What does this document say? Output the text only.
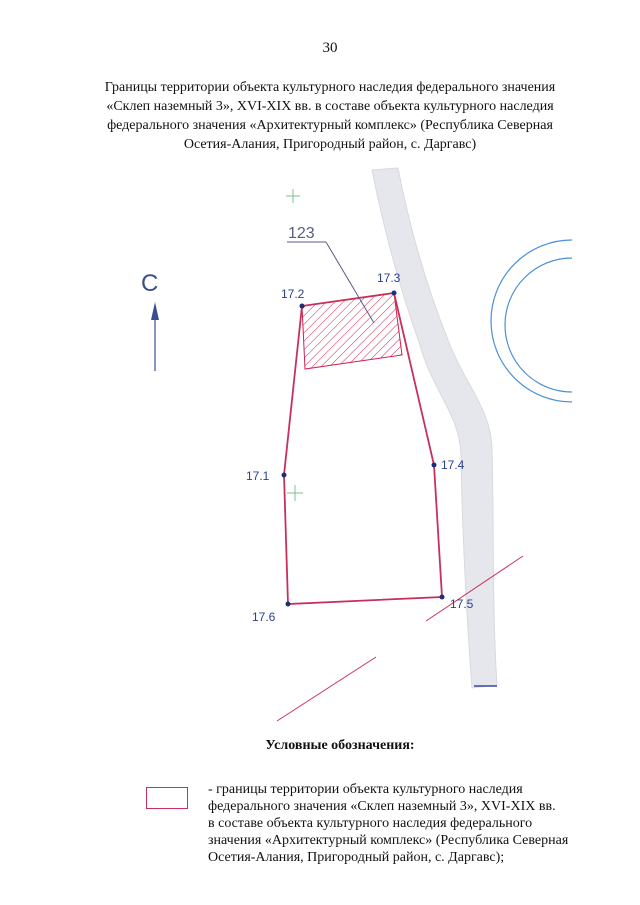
30
Границы территории объекта культурного наследия федерального значения
«Склеп наземный 3», XVI-XIX вв. в составе объекта культурного наследия
федерального значения «Архитектурный комплекс» (Республика Северная
Осетия-Алания, Пригородный район, с. Даргавс)
С
123
17.1
17.2
17.3
17.4
17.5
17.6
Условные обозначения:
- границы территории объекта культурного наследия
федерального значения «Склеп наземный 3», XVI-XIX вв.
в составе объекта культурного наследия федерального
значения «Архитектурный комплекс» (Республика Северная
Осетия-Алания, Пригородный район, с. Даргавс);
